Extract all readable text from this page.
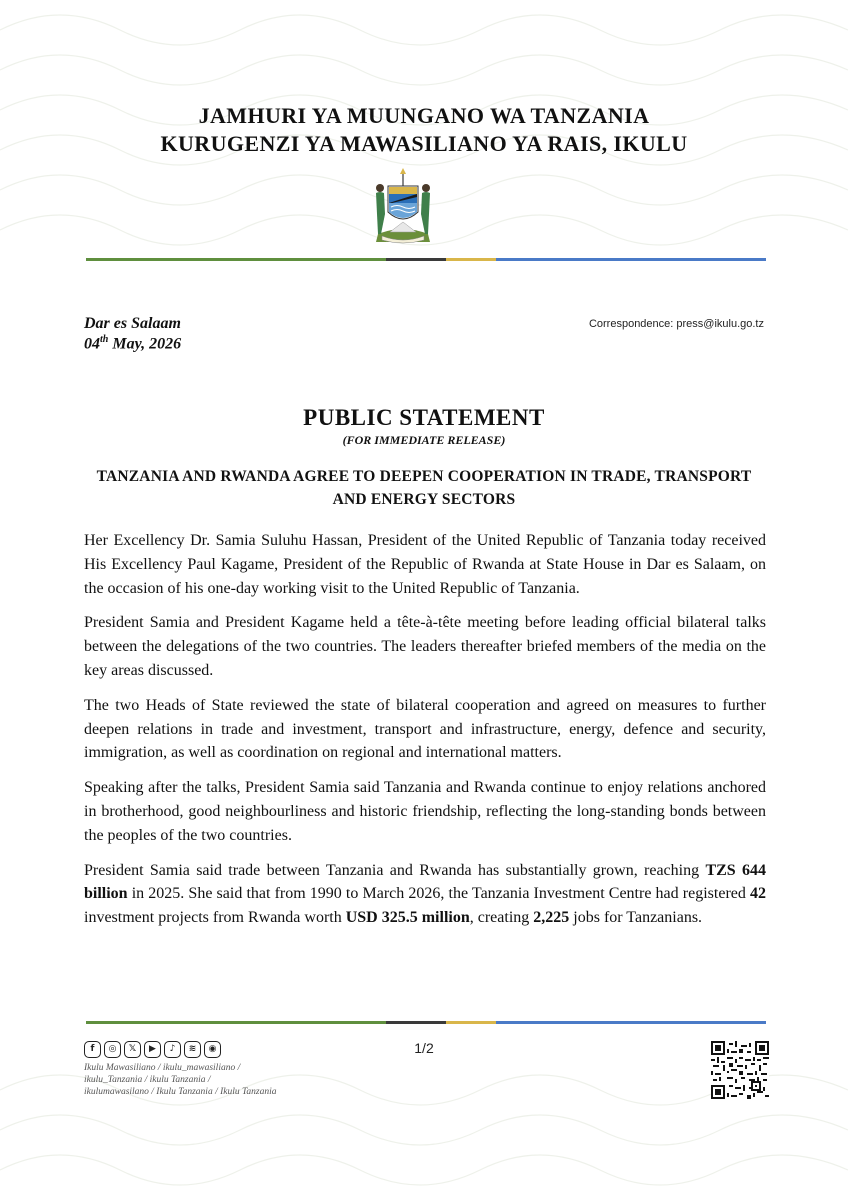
JAMHURI YA MUUNGANO WA TANZANIA
KURUGENZI YA MAWASILIANO YA RAIS, IKULU
Dar es Salaam
04th May, 2026
Correspondence: press@ikulu.go.tz
PUBLIC STATEMENT
(FOR IMMEDIATE RELEASE)
TANZANIA AND RWANDA AGREE TO DEEPEN COOPERATION IN TRADE, TRANSPORT AND ENERGY SECTORS

Her Excellency Dr. Samia Suluhu Hassan, President of the United Republic of Tanzania today received His Excellency Paul Kagame, President of the Republic of Rwanda at State House in Dar es Salaam, on the occasion of his one-day working visit to the United Republic of Tanzania.

President Samia and President Kagame held a tête-à-tête meeting before leading official bilateral talks between the delegations of the two countries. The leaders thereafter briefed members of the media on the key areas discussed.

The two Heads of State reviewed the state of bilateral cooperation and agreed on measures to further deepen relations in trade and investment, transport and infrastructure, energy, defence and security, immigration, as well as coordination on regional and international matters.

Speaking after the talks, President Samia said Tanzania and Rwanda continue to enjoy relations anchored in brotherhood, good neighbourliness and historic friendship, reflecting the long-standing bonds between the peoples of the two countries.

President Samia said trade between Tanzania and Rwanda has substantially grown, reaching TZS 644 billion in 2025. She said that from 1990 to March 2026, the Tanzania Investment Centre had registered 42 investment projects from Rwanda worth USD 325.5 million, creating 2,225 jobs for Tanzanians.

f	◎	𝕏	▶	♪	≋	◉
Ikulu Mawasiliano / ikulu_mawasiliano /
ikulu_Tanzania / ikulu Tanzania /
ikulumawasilano / Ikulu Tanzania / Ikulu Tanzania
1/2
